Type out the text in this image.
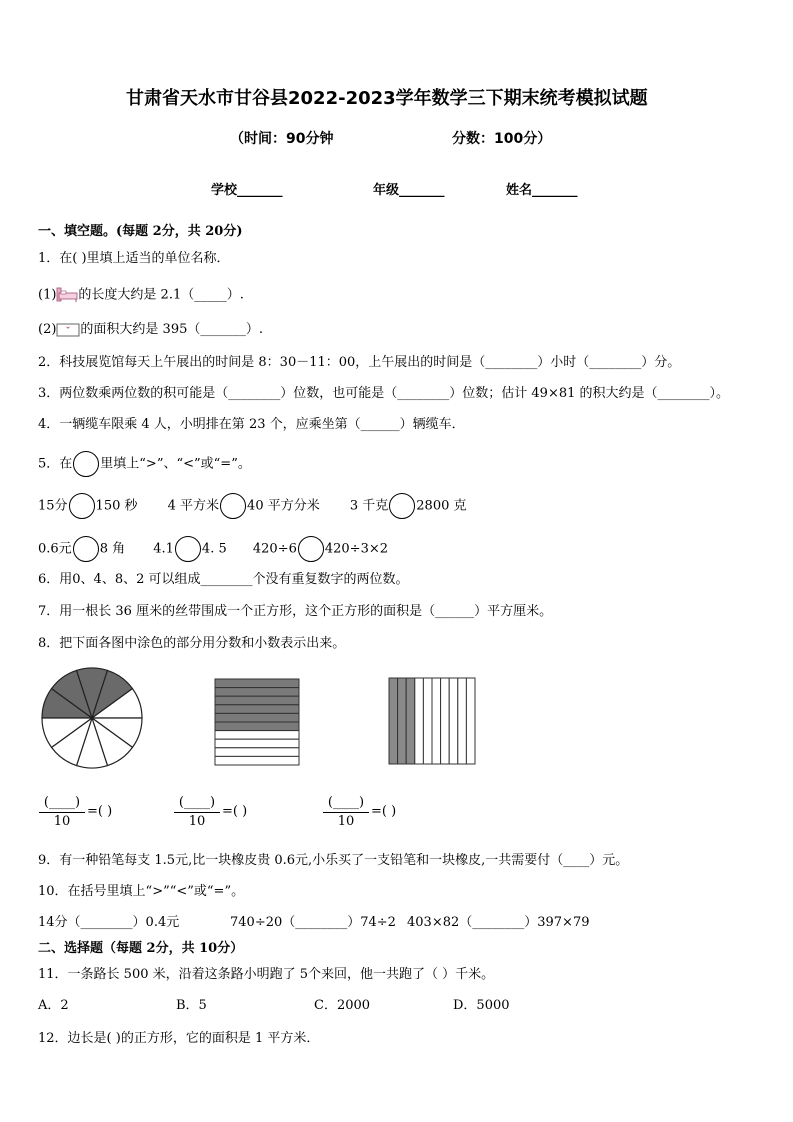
甘肃省天水市甘谷县2022-2023学年数学三下期末统考模拟试题
（时间：90分钟	分数：100分）
学校_______	年级_______	姓名_______
一、填空题。(每题 2分，共 20分)
1．在( )里填上适当的单位名称．
(1) 的长度大约是 2.1（_____）.
(2) 的面积大约是 395（_______）.
2．科技展览馆每天上午展出的时间是 8：30－11：00，上午展出的时间是（________）小时（________）分。
3．两位数乘两位数的积可能是（________）位数，也可能是（________）位数；估计 49×81 的积大约是（________）。
4．一辆缆车限乘 4 人，小明排在第 23 个，应乘坐第（______）辆缆车．
5．在 里填上“>”、“<”或“=”。
15分 150 秒 4 平方米 40 平方分米 3 千克 2800 克
0.6元 8 角 4.1 4. 5 420÷6 420÷3×2
6．用0、4、8、2 可以组成________个没有重复数字的两位数。
7．用一根长 36 厘米的丝带围成一个正方形，这个正方形的面积是（______）平方厘米。
8．把下面各图中涂色的部分用分数和小数表示出来。
(____)
10
=( )
(____)
10
=( )
(____)
10
=( )
9．有一种铅笔每支 1.5元,比一块橡皮贵 0.6元,小乐买了一支铅笔和一块橡皮,一共需要付（____）元。
10．在括号里填上“>”“<”或“=”。
14分（________）0.4元	740÷20（________）74÷2 403×82（________）397×79
二、选择题（每题 2分，共 10分）
11．一条路长 500 米，沿着这条路小明跑了 5个来回，他一共跑了（ ）千米。
A．2	B．5	C．2000	D．5000
12．边长是( )的正方形，它的面积是 1 平方米．
